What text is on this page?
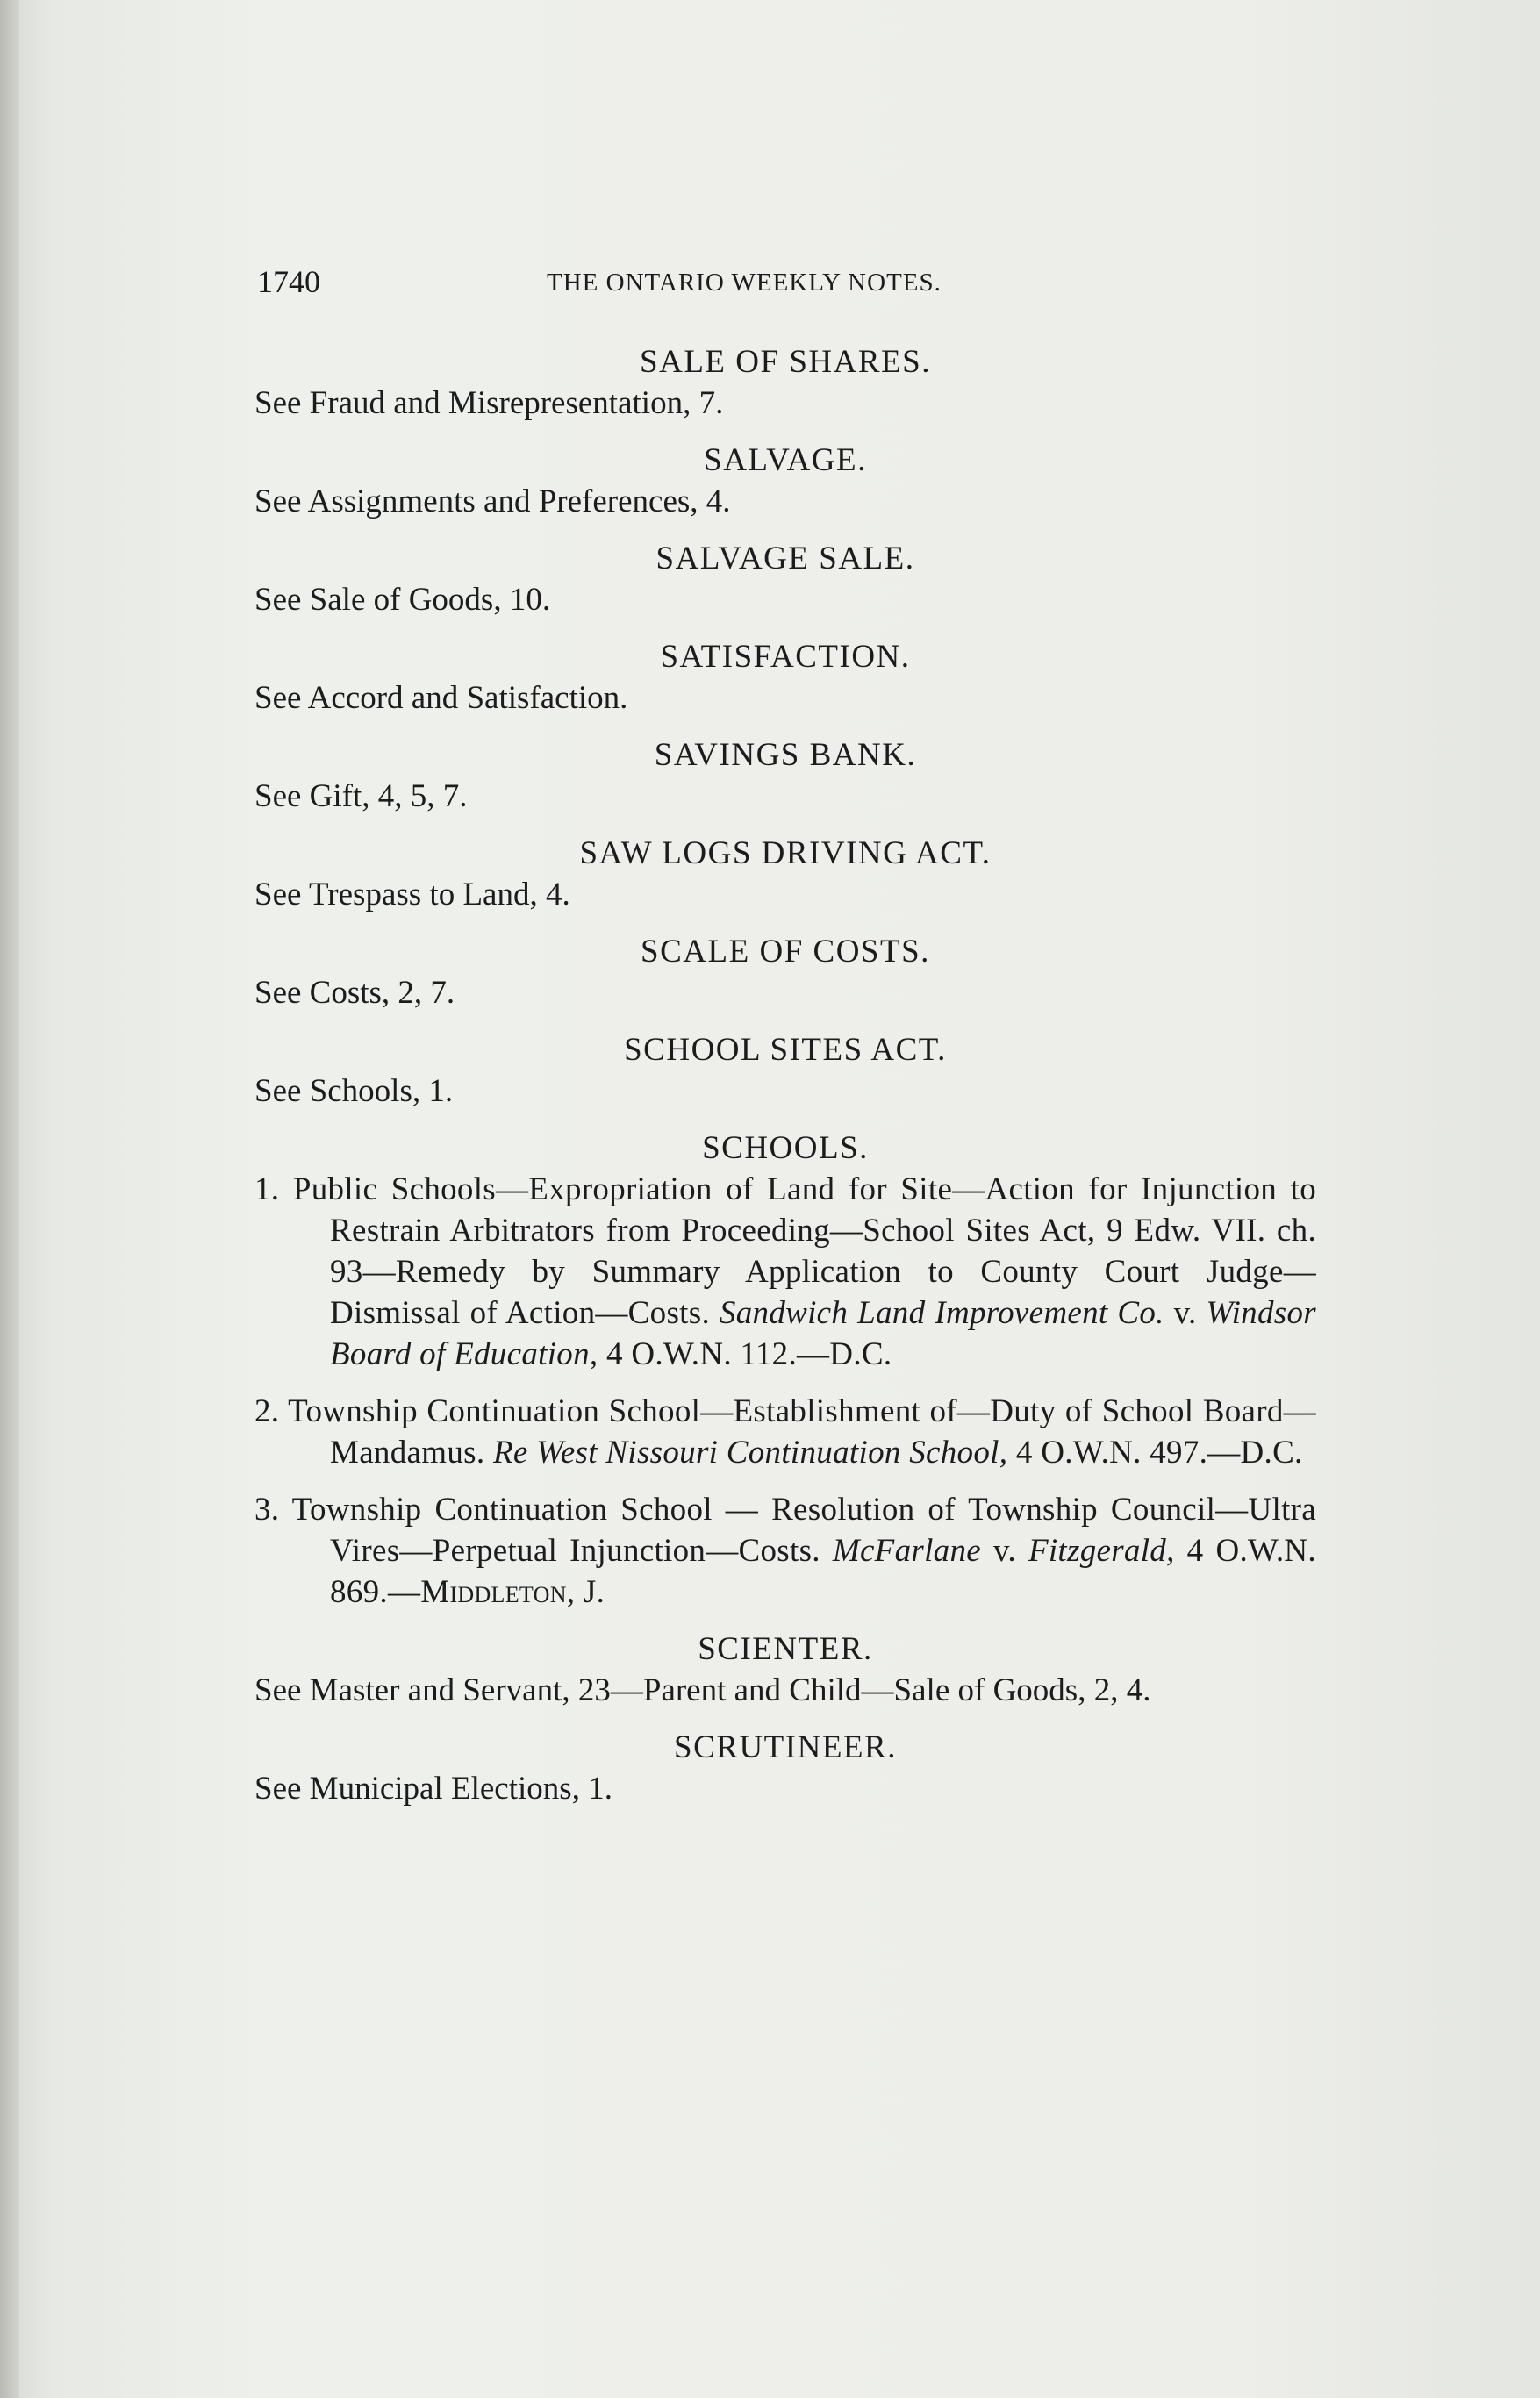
1740	THE ONTARIO WEEKLY NOTES.
SALE OF SHARES.
See Fraud and Misrepresentation, 7.
SALVAGE.
See Assignments and Preferences, 4.
SALVAGE SALE.
See Sale of Goods, 10.
SATISFACTION.
See Accord and Satisfaction.
SAVINGS BANK.
See Gift, 4, 5, 7.
SAW LOGS DRIVING ACT.
See Trespass to Land, 4.
SCALE OF COSTS.
See Costs, 2, 7.
SCHOOL SITES ACT.
See Schools, 1.
SCHOOLS.
1. Public Schools—Expropriation of Land for Site—Action for Injunction to Restrain Arbitrators from Proceeding—School Sites Act, 9 Edw. VII. ch. 93—Remedy by Summary Application to County Court Judge—Dismissal of Action—Costs. Sandwich Land Improvement Co. v. Windsor Board of Education, 4 O.W.N. 112.—D.C.
2. Township Continuation School—Establishment of—Duty of School Board—Mandamus. Re West Nissouri Continuation School, 4 O.W.N. 497.—D.C.
3. Township Continuation School — Resolution of Township Council—Ultra Vires—Perpetual Injunction—Costs. McFarlane v. Fitzgerald, 4 O.W.N. 869.—Middleton, J.
SCIENTER.
See Master and Servant, 23—Parent and Child—Sale of Goods, 2, 4.
SCRUTINEER.
See Municipal Elections, 1.
